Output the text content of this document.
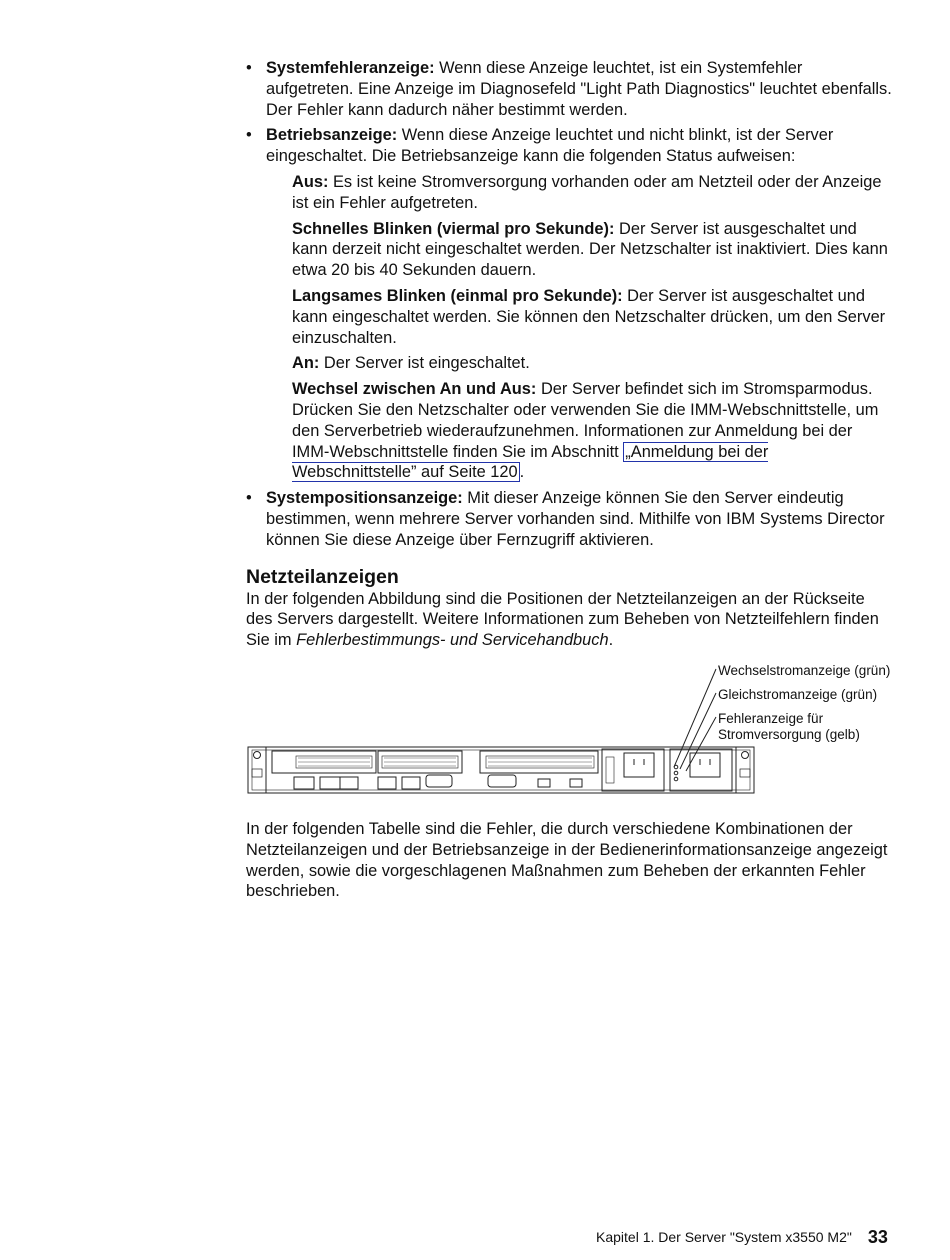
• Systemfehleranzeige: Wenn diese Anzeige leuchtet, ist ein Systemfehler aufgetreten. Eine Anzeige im Diagnosefeld "Light Path Diagnostics" leuchtet ebenfalls. Der Fehler kann dadurch näher bestimmt werden.
• Betriebsanzeige: Wenn diese Anzeige leuchtet und nicht blinkt, ist der Server eingeschaltet. Die Betriebsanzeige kann die folgenden Status aufweisen:
Aus: Es ist keine Stromversorgung vorhanden oder am Netzteil oder der Anzeige ist ein Fehler aufgetreten.
Schnelles Blinken (viermal pro Sekunde): Der Server ist ausgeschaltet und kann derzeit nicht eingeschaltet werden. Der Netzschalter ist inaktiviert. Dies kann etwa 20 bis 40 Sekunden dauern.
Langsames Blinken (einmal pro Sekunde): Der Server ist ausgeschaltet und kann eingeschaltet werden. Sie können den Netzschalter drücken, um den Server einzuschalten.
An: Der Server ist eingeschaltet.
Wechsel zwischen An und Aus: Der Server befindet sich im Stromsparmodus. Drücken Sie den Netzschalter oder verwenden Sie die IMM-Webschnittstelle, um den Serverbetrieb wiederaufzunehmen. Informationen zur Anmeldung bei der IMM-Webschnittstelle finden Sie im Abschnitt „Anmeldung bei der Webschnittstelle” auf Seite 120 .
• Systempositionsanzeige: Mit dieser Anzeige können Sie den Server eindeutig bestimmen, wenn mehrere Server vorhanden sind. Mithilfe von IBM Systems Director können Sie diese Anzeige über Fernzugriff aktivieren.
Netzteilanzeigen

In der folgenden Abbildung sind die Positionen der Netzteilanzeigen an der Rückseite des Servers dargestellt. Weitere Informationen zum Beheben von Netzteilfehlern finden Sie im Fehlerbestimmungs- und Servicehandbuch.

Wechselstromanzeige (grün)
Gleichstromanzeige (grün)
Fehleranzeige für
Stromversorgung (gelb)

In der folgenden Tabelle sind die Fehler, die durch verschiedene Kombinationen der Netzteilanzeigen und der Betriebsanzeige in der Bedienerinformationsanzeige angezeigt werden, sowie die vorgeschlagenen Maßnahmen zum Beheben der erkannten Fehler beschrieben.

Kapitel 1. Der Server "System x3550 M2" 33
